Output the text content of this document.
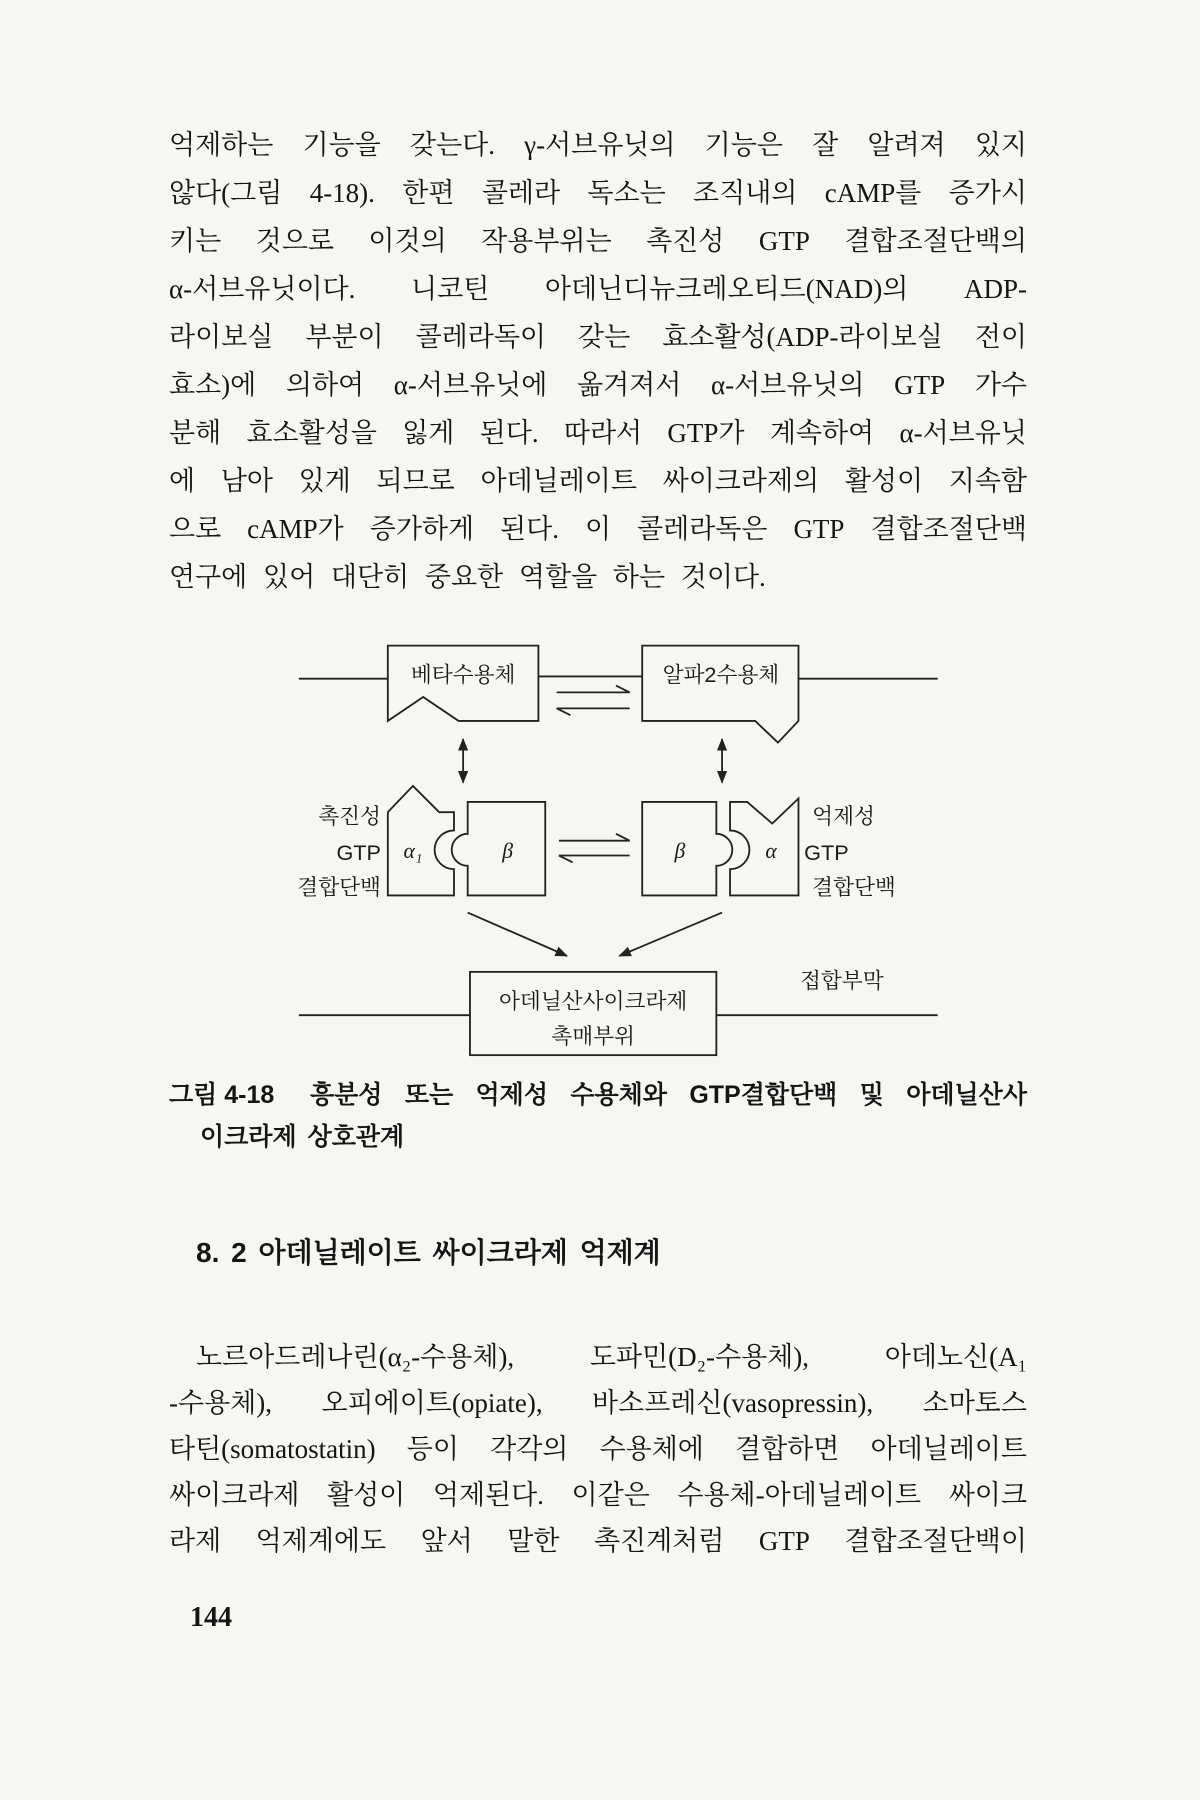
억제하는 기능을 갖는다. γ-서브유닛의 기능은 잘 알려져 있지
않다(그림 4-18). 한편 콜레라 독소는 조직내의 cAMP를 증가시
키는 것으로 이것의 작용부위는 촉진성 GTP 결합조절단백의
α-서브유닛이다. 니코틴 아데닌디뉴크레오티드(NAD)의 ADP-
라이보실 부분이 콜레라독이 갖는 효소활성(ADP-라이보실 전이
효소)에 의하여 α-서브유닛에 옮겨져서 α-서브유닛의 GTP 가수
분해 효소활성을 잃게 된다. 따라서 GTP가 계속하여 α-서브유닛
에 남아 있게 되므로 아데닐레이트 싸이크라제의 활성이 지속함
으로 cAMP가 증가하게 된다. 이 콜레라독은 GTP 결합조절단백
연구에 있어 대단히 중요한 역할을 하는 것이다.
베타수용체	알파2수용체
촉진성
GTP
결합단백
α₁	β	β	α
억제성
GTP
결합단백
아데닐산사이크라제
촉매부위
접합부막
그림 4-18	흥분성 또는 억제성 수용체와 GTP결합단백 및 아데닐산사
이크라제 상호관계
8. 2 아데닐레이트 싸이크라제 억제계
노르아드레나린(α₂-수용체),	도파민(D₂-수용체),	아데노신(A₁
-수용체), 오피에이트(opiate), 바소프레신(vasopressin), 소마토스
타틴(somatostatin) 등이 각각의 수용체에 결합하면 아데닐레이트
싸이크라제 활성이 억제된다. 이같은 수용체-아데닐레이트 싸이크
라제 억제계에도 앞서 말한 촉진계처럼 GTP 결합조절단백이
144
